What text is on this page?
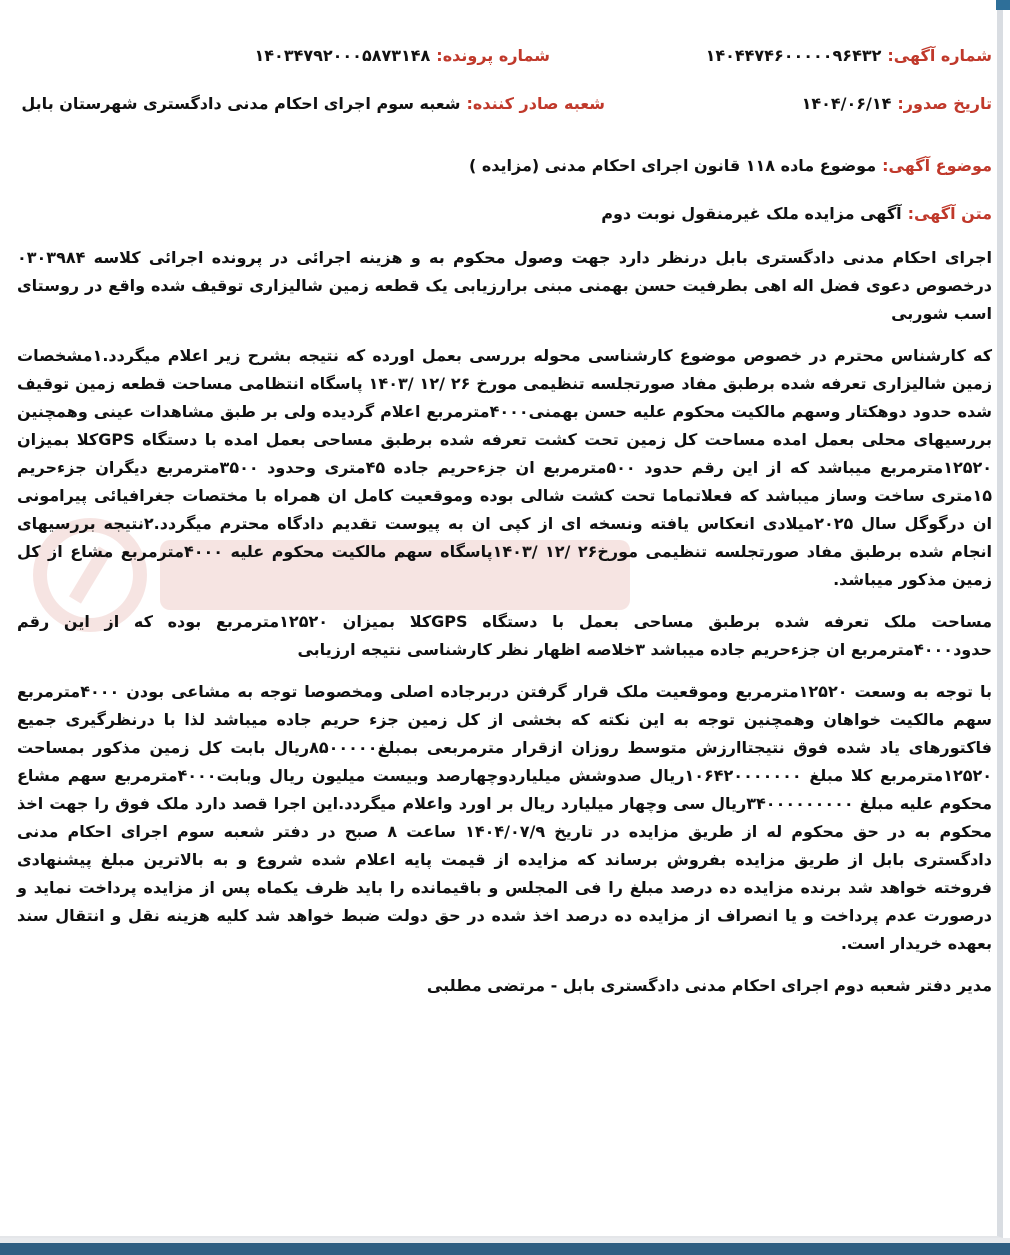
شماره آگهی:
۱۴۰۴۴۷۴۶۰۰۰۰۰۹۶۴۳۲
شماره پرونده:
۱۴۰۳۴۷۹۲۰۰۰۵۸۷۳۱۴۸
تاریخ صدور:
۱۴۰۴/۰۶/۱۴
شعبه صادر کننده:
شعبه سوم اجرای احکام مدنی دادگستری شهرستان بابل
موضوع آگهی:
موضوع ماده ۱۱۸ قانون اجرای احکام مدنی (مزایده )
متن آگهی:
آگهی مزایده ملک غیرمنقول نوبت دوم

اجرای احکام مدنی دادگستری بابل درنظر دارد جهت وصول محکوم به و هزینه اجرائی در پرونده اجرائی کلاسه ۰۳۰۳۹۸۴ درخصوص دعوی فضل اله اهی بطرفیت حسن بهمنی مبنی برارزیابی یک قطعه زمین شالیزاری توقیف شده واقع در روستای اسب شوربی

که کارشناس محترم در خصوص موضوع کارشناسی محوله بررسی بعمل اورده که نتیجه بشرح زیر اعلام میگردد.۱مشخصات زمین شالیزاری تعرفه شده برطبق مفاد صورتجلسه تنظیمی مورخ ۲۶ /۱۲ /۱۴۰۳ پاسگاه انتظامی مساحت قطعه زمین توقیف شده حدود دوهکتار وسهم مالکیت محکوم علیه حسن بهمنی۴۰۰۰مترمربع اعلام گردیده ولی بر طبق مشاهدات عینی وهمچنین بررسیهای محلی بعمل امده مساحت کل زمین تحت کشت تعرفه شده برطبق مساحی بعمل امده با دستگاه GPSکلا بمیزان ۱۲۵۲۰مترمربع میباشد که از این رقم حدود ۵۰۰مترمربع ان جزءحریم جاده ۴۵متری وحدود ۳۵۰۰مترمربع دیگران جزءحریم ۱۵متری ساخت وساز میباشد که فعلاتماما تحت کشت شالی بوده وموقعیت کامل ان همراه با مختصات جغرافیائی پیرامونی ان درگوگل سال ۲۰۲۵میلادی انعکاس یافته ونسخه ای از کپی ان به پیوست تقدیم دادگاه محترم میگردد.۲نتیجه بررسیهای انجام شده برطبق مفاد صورتجلسه تنظیمی مورخ۲۶ /۱۲ /۱۴۰۳پاسگاه سهم مالکیت محکوم علیه ۴۰۰۰مترمربع مشاع از کل زمین مذکور میباشد.

مساحت ملک تعرفه شده برطبق مساحی بعمل با دستگاه GPSکلا بمیزان ۱۲۵۲۰مترمربع بوده که از این رقم حدود۴۰۰۰مترمربع ان جزءحریم جاده میباشد ۳خلاصه اظهار نظر کارشناسی نتیجه ارزیابی

با توجه به وسعت ۱۲۵۲۰مترمربع وموقعیت ملک قرار گرفتن دربرجاده اصلی ومخصوصا توجه به مشاعی بودن ۴۰۰۰مترمربع سهم مالکیت خواهان وهمچنین توجه به این نکته که بخشی از کل زمین جزء حریم جاده میباشد لذا با درنظرگیری جمیع فاکتورهای یاد شده فوق نتیجتاارزش متوسط روزان ازقرار مترمربعی بمبلغ۸۵۰۰۰۰۰ریال بابت کل زمین مذکور بمساحت ۱۲۵۲۰مترمربع کلا مبلغ ۱۰۶۴۲۰۰۰۰۰۰۰ریال صدوشش میلیاردوچهارصد وبیست میلیون ریال وبابت۴۰۰۰مترمربع سهم مشاع محکوم علیه مبلغ ۳۴۰۰۰۰۰۰۰۰۰ریال سی وچهار میلیارد ریال بر اورد واعلام میگردد.این اجرا قصد دارد ملک فوق را جهت اخذ محکوم به در حق محکوم له از طریق مزایده در تاریخ ۱۴۰۴/۰۷/۹ ساعت ۸ صبح در دفتر شعبه سوم اجرای احکام مدنی دادگستری بابل از طریق مزایده بفروش برساند که مزایده از قیمت پایه اعلام شده شروع و به بالاترین مبلغ پیشنهادی فروخته خواهد شد برنده مزایده ده درصد مبلغ را فی المجلس و باقیمانده را باید ظرف یکماه پس از مزایده پرداخت نماید و درصورت عدم پرداخت و یا انصراف از مزایده ده درصد اخذ شده در حق دولت ضبط خواهد شد کلیه هزینه نقل و انتقال سند بعهده خریدار است.

مدیر دفتر شعبه دوم اجرای احکام مدنی دادگستری بابل - مرتضی مطلبی
